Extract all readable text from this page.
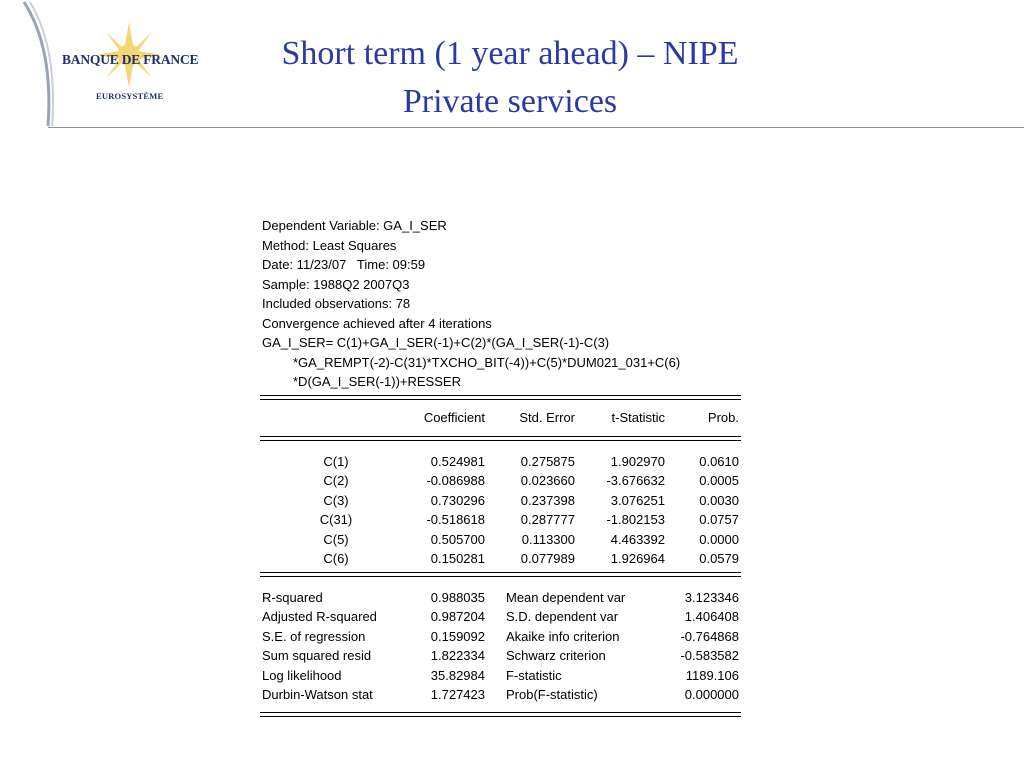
BANQUE DE FRANCE
EUROSYSTÈME
Short term (1 year ahead) – NIPE
Private services
Dependent Variable: GA_I_SER
Method: Least Squares
Date: 11/23/07   Time: 09:59
Sample: 1988Q2 2007Q3
Included observations: 78
Convergence achieved after 4 iterations
GA_I_SER= C(1)+GA_I_SER(-1)+C(2)*(GA_I_SER(-1)-C(3)
*GA_REMPT(-2)-C(31)*TXCHO_BIT(-4))+C(5)*DUM021_031+C(6)
*D(GA_I_SER(-1))+RESSER
Coefficient	Std. Error	t-Statistic	Prob.
C(1)	0.524981	0.275875	1.902970	0.0610
C(2)	-0.086988	0.023660 -3.676632	0.0005
C(3)	0.730296	0.237398	3.076251	0.0030
C(31)	-0.518618	0.287777 -1.802153	0.0757
C(5)	0.505700	0.113300	4.463392	0.0000
C(6)	0.150281	0.077989	1.926964	0.0579
R-squared	0.988035 Mean dependent var	3.123346
Adjusted R-squared	0.987204 S.D. dependent var	1.406408
S.E. of regression	0.159092 Akaike info criterion	-0.764868
Sum squared resid	1.822334 Schwarz criterion	-0.583582
Log likelihood	35.82984 F-statistic	1189.106
Durbin-Watson stat	1.727423 Prob(F-statistic)	0.000000
